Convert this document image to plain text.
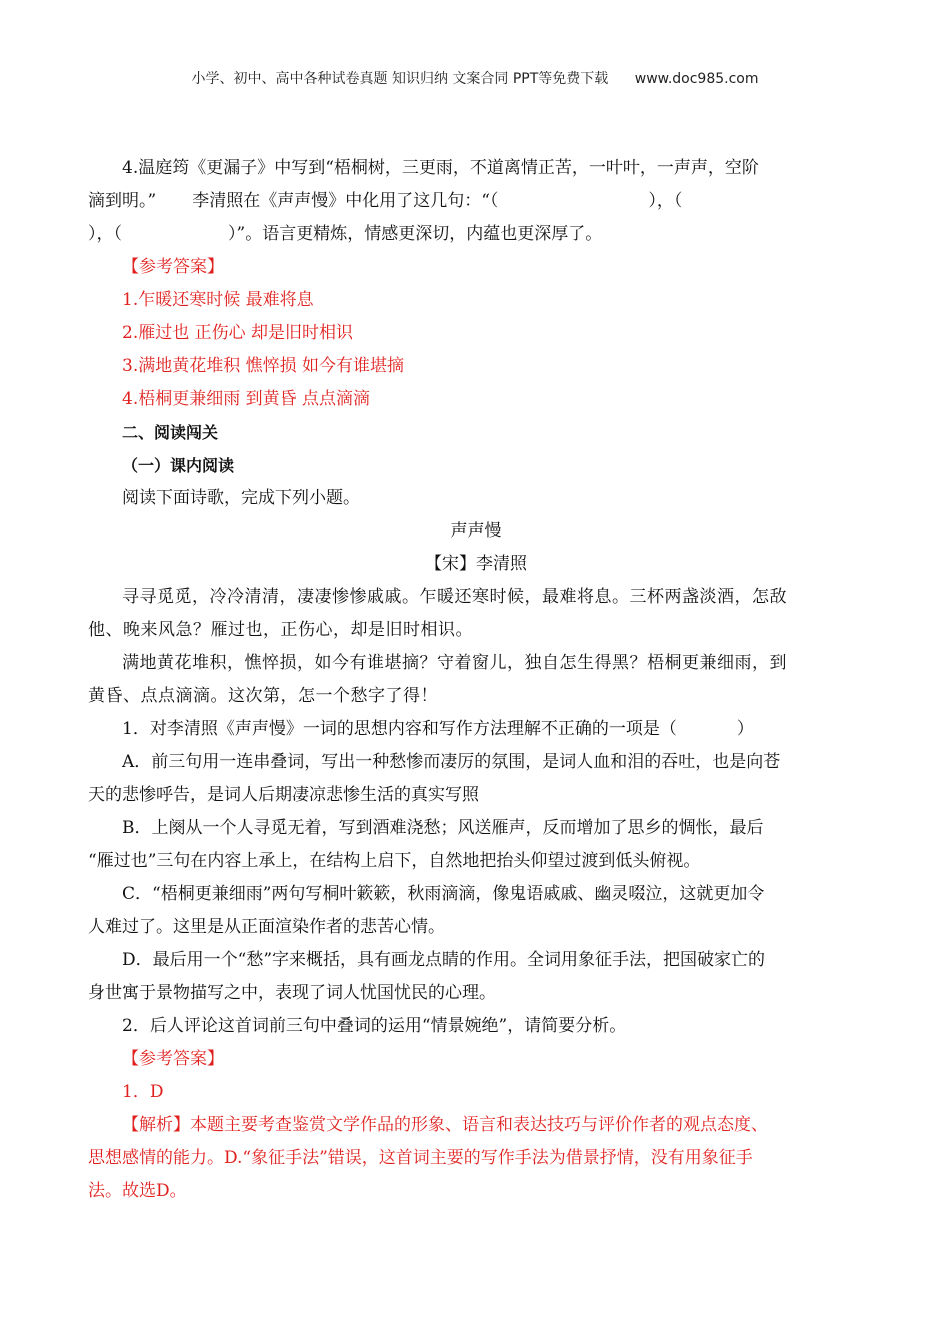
小学、初中、高中各种试卷真题 知识归纳 文案合同 PPT等免费下载 www.doc985.com

4.温庭筠《更漏子》中写到“梧桐树，三更雨，不道离情正苦，一叶叶，一声声，空阶

滴到明。” 李清照在《声声慢》中化用了这几句：“（	），（

），（	）”。语言更精炼，情感更深切，内蕴也更深厚了。

【参考答案】

1.乍暖还寒时候 最难将息

2.雁过也 正伤心 却是旧时相识

3.满地黄花堆积 憔悴损 如今有谁堪摘

4.梧桐更兼细雨 到黄昏 点点滴滴

二、阅读闯关

（一）课内阅读

阅读下面诗歌，完成下列小题。

声声慢

【宋】李清照

寻寻觅觅，冷冷清清，凄凄惨惨戚戚。乍暖还寒时候，最难将息。三杯两盏淡酒，怎敌

他、晚来风急？雁过也，正伤心，却是旧时相识。

满地黄花堆积，憔悴损，如今有谁堪摘？守着窗儿，独自怎生得黑？梧桐更兼细雨，到

黄昏、点点滴滴。这次第，怎一个愁字了得！

1．对李清照《声声慢》一词的思想内容和写作方法理解不正确的一项是（	）

A．前三句用一连串叠词，写出一种愁惨而凄厉的氛围，是词人血和泪的吞吐，也是向苍

天的悲惨呼告，是词人后期凄凉悲惨生活的真实写照

B．上阕从一个人寻觅无着，写到酒难浇愁；风送雁声，反而增加了思乡的惆怅，最后

“雁过也”三句在内容上承上，在结构上启下，自然地把抬头仰望过渡到低头俯视。

C．“梧桐更兼细雨”两句写桐叶簌簌，秋雨滴滴，像鬼语戚戚、幽灵啜泣，这就更加令

人难过了。这里是从正面渲染作者的悲苦心情。

D．最后用一个“愁”字来概括，具有画龙点睛的作用。全词用象征手法，把国破家亡的

身世寓于景物描写之中，表现了词人忧国忧民的心理。

2．后人评论这首词前三句中叠词的运用“情景婉绝”，请简要分析。

【参考答案】

1．D

【解析】本题主要考查鉴赏文学作品的形象、语言和表达技巧与评价作者的观点态度、

思想感情的能力。D.“象征手法”错误，这首词主要的写作手法为借景抒情，没有用象征手

法。故选D。
